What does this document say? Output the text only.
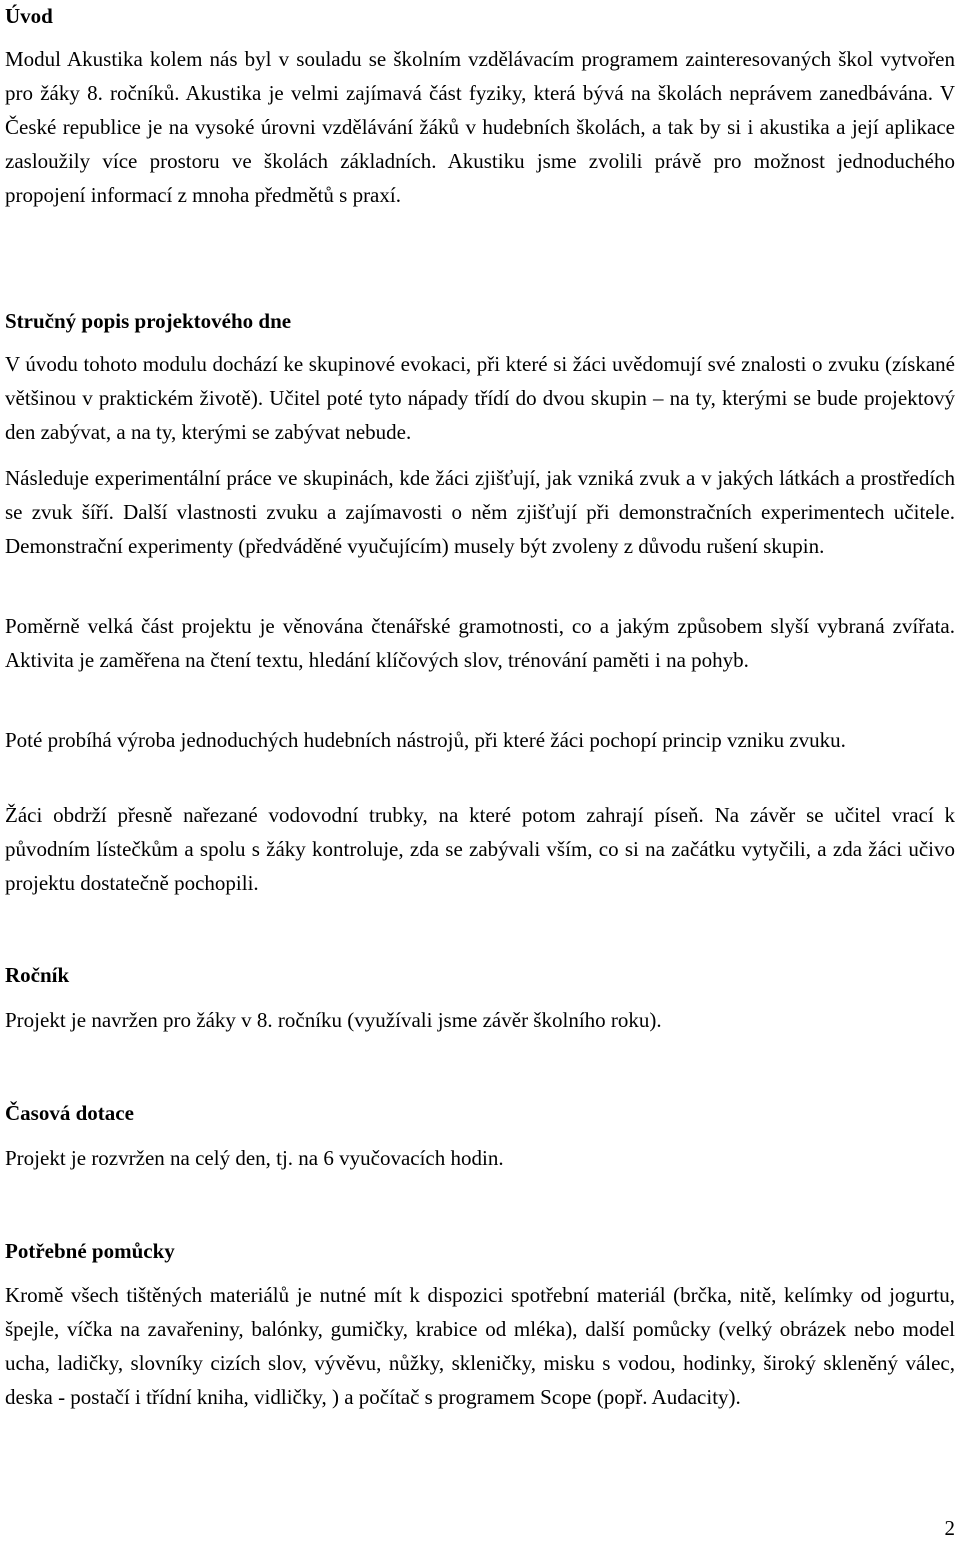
Úvod

Modul Akustika kolem nás byl v souladu se školním vzdělávacím programem zainteresovaných škol vytvořen pro žáky 8. ročníků. Akustika je velmi zajímavá část fyziky, která bývá na školách neprávem zanedbávána. V České republice je na vysoké úrovni vzdělávání žáků v hudebních školách, a tak by si i akustika a její aplikace zasloužily více prostoru ve školách základních. Akustiku jsme zvolili právě pro možnost jednoduchého propojení informací z mnoha předmětů s praxí.

Stručný popis projektového dne

V úvodu tohoto modulu dochází ke skupinové evokaci, při které si žáci uvědomují své znalosti o zvuku (získané většinou v praktickém životě). Učitel poté tyto nápady třídí do dvou skupin – na ty, kterými se bude projektový den zabývat, a na ty, kterými se zabývat nebude.

Následuje experimentální práce ve skupinách, kde žáci zjišťují, jak vzniká zvuk a v jakých látkách a prostředích se zvuk šíří. Další vlastnosti zvuku a zajímavosti o něm zjišťují při demonstračních experimentech učitele. Demonstrační experimenty (předváděné vyučujícím) musely být zvoleny z důvodu rušení skupin.

Poměrně velká část projektu je věnována čtenářské gramotnosti, co a jakým způsobem slyší vybraná zvířata. Aktivita je zaměřena na čtení textu, hledání klíčových slov, trénování paměti i na pohyb.

Poté probíhá výroba jednoduchých hudebních nástrojů, při které žáci pochopí princip vzniku zvuku.

Žáci obdrží přesně nařezané vodovodní trubky, na které potom zahrají píseň. Na závěr se učitel vrací k původním lístečkům a spolu s žáky kontroluje, zda se zabývali vším, co si na začátku vytyčili, a zda žáci učivo projektu dostatečně pochopili.

Ročník

Projekt je navržen pro žáky v 8. ročníku (využívali jsme závěr školního roku).

Časová dotace

Projekt je rozvržen na celý den, tj. na 6 vyučovacích hodin.

Potřebné pomůcky

Kromě všech tištěných materiálů je nutné mít k dispozici spotřební materiál (brčka, nitě, kelímky od jogurtu, špejle, víčka na zavařeniny, balónky, gumičky, krabice od mléka), další pomůcky (velký obrázek nebo model ucha, ladičky, slovníky cizích slov, vývěvu, nůžky, skleničky, misku s vodou, hodinky, široký skleněný válec, deska - postačí i třídní kniha, vidličky, ) a počítač s programem Scope (popř. Audacity).

2
